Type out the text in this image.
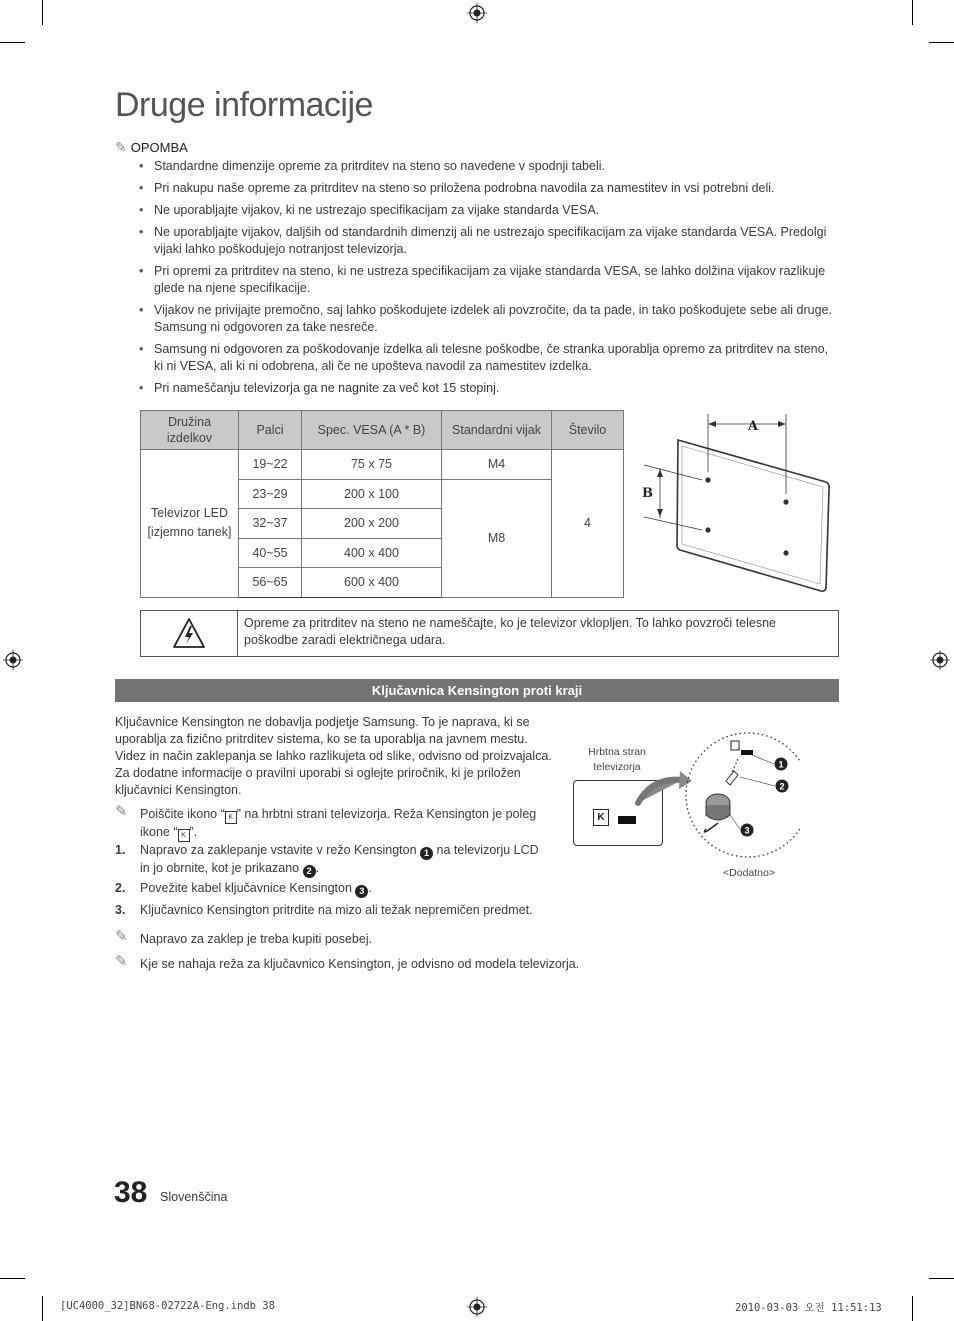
Druge informacije
✎ OPOMBA
• Standardne dimenzije opreme za pritrditev na steno so navedene v spodnji tabeli.
• Pri nakupu naše opreme za pritrditev na steno so priložena podrobna navodila za namestitev in vsi potrebni deli.
• Ne uporabljajte vijakov, ki ne ustrezajo specifikacijam za vijake standarda VESA.
• Ne uporabljajte vijakov, daljših od standardnih dimenzij ali ne ustrezajo specifikacijam za vijake standarda VESA. Predolgi vijaki lahko poškodujejo notranjost televizorja.
• Pri opremi za pritrditev na steno, ki ne ustreza specifikacijam za vijake standarda VESA, se lahko dolžina vijakov razlikuje glede na njene specifikacije.
• Vijakov ne privijajte premočno, saj lahko poškodujete izdelek ali povzročite, da ta pade, in tako poškodujete sebe ali druge. Samsung ni odgovoren za take nesreče.
• Samsung ni odgovoren za poškodovanje izdelka ali telesne poškodbe, če stranka uporablja opremo za pritrditev na steno, ki ni VESA, ali ki ni odobrena, ali če ne upošteva navodil za namestitev izdelka.
• Pri nameščanju televizorja ga ne nagnite za več kot 15 stopinj.
Družina izdelkov	Palci	Spec. VESA (A * B)	Standardni vijak	Število
Televizor LED [izjemno tanek]	19~22	75 x 75	M4	4
	23~29	200 x 100	M8	
	32~37	200 x 200		
	40~55	400 x 400		
	56~65	600 x 400		
A
B
Opreme za pritrditev na steno ne nameščajte, ko je televizor vklopljen. To lahko povzroči telesne poškodbe zaradi električnega udara.
Ključavnica Kensington proti kraji
Ključavnice Kensington ne dobavlja podjetje Samsung. To je naprava, ki se uporablja za fizično pritrditev sistema, ko se ta uporablja na javnem mestu. Videz in način zaklepanja se lahko razlikujeta od slike, odvisno od proizvajalca. Za dodatne informacije o pravilni uporabi si oglejte priročnik, ki je priložen ključavnici Kensington.
✎ Poiščite ikono “ K ” na hrbtni strani televizorja. Reža Kensington je poleg ikone “ K ”.
1. Napravo za zaklepanje vstavite v režo Kensington 1 na televizorju LCD in jo obrnite, kot je prikazano 2 .
2. Povežite kabel ključavnice Kensington 3 .
3. Ključavnico Kensington pritrdite na mizo ali težak nepremičen predmet.
✎ Napravo za zaklep je treba kupiti posebej.
✎ Kje se nahaja reža za ključavnico Kensington, je odvisno od modela televizorja.
Hrbtna stran televizorja
K
1
2
3
<Dodatno>
38 Slovenščina
[UC4000_32]BN68-02722A-Eng.indb 38	2010-03-03 오전 11:51:13
